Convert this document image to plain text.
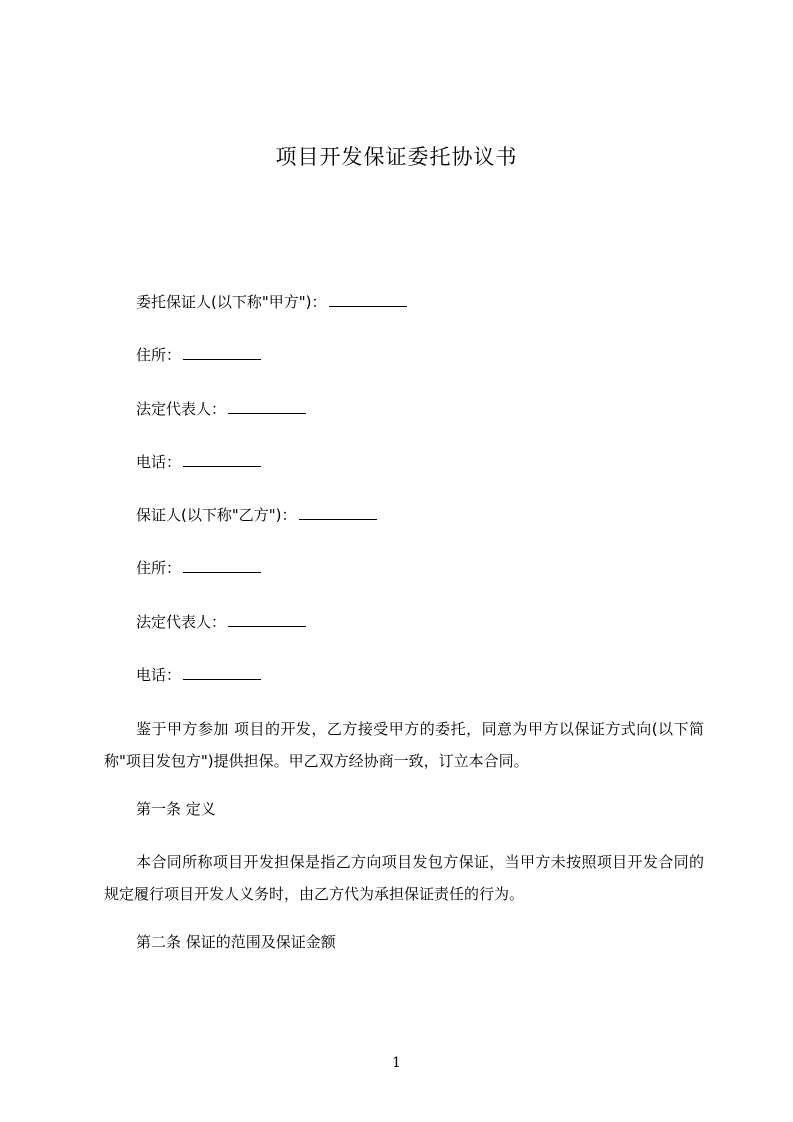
项目开发保证委托协议书
委托保证人(以下称"甲方")：
住所：
法定代表人：
电话：
保证人(以下称"乙方")：
住所：
法定代表人：
电话：
鉴于甲方参加 项目的开发，乙方接受甲方的委托，同意为甲方以保证方式向(以下简称"项目发包方")提供担保。甲乙双方经协商一致，订立本合同。
第一条 定义
本合同所称项目开发担保是指乙方向项目发包方保证，当甲方未按照项目开发合同的规定履行项目开发人义务时，由乙方代为承担保证责任的行为。
第二条 保证的范围及保证金额
1
